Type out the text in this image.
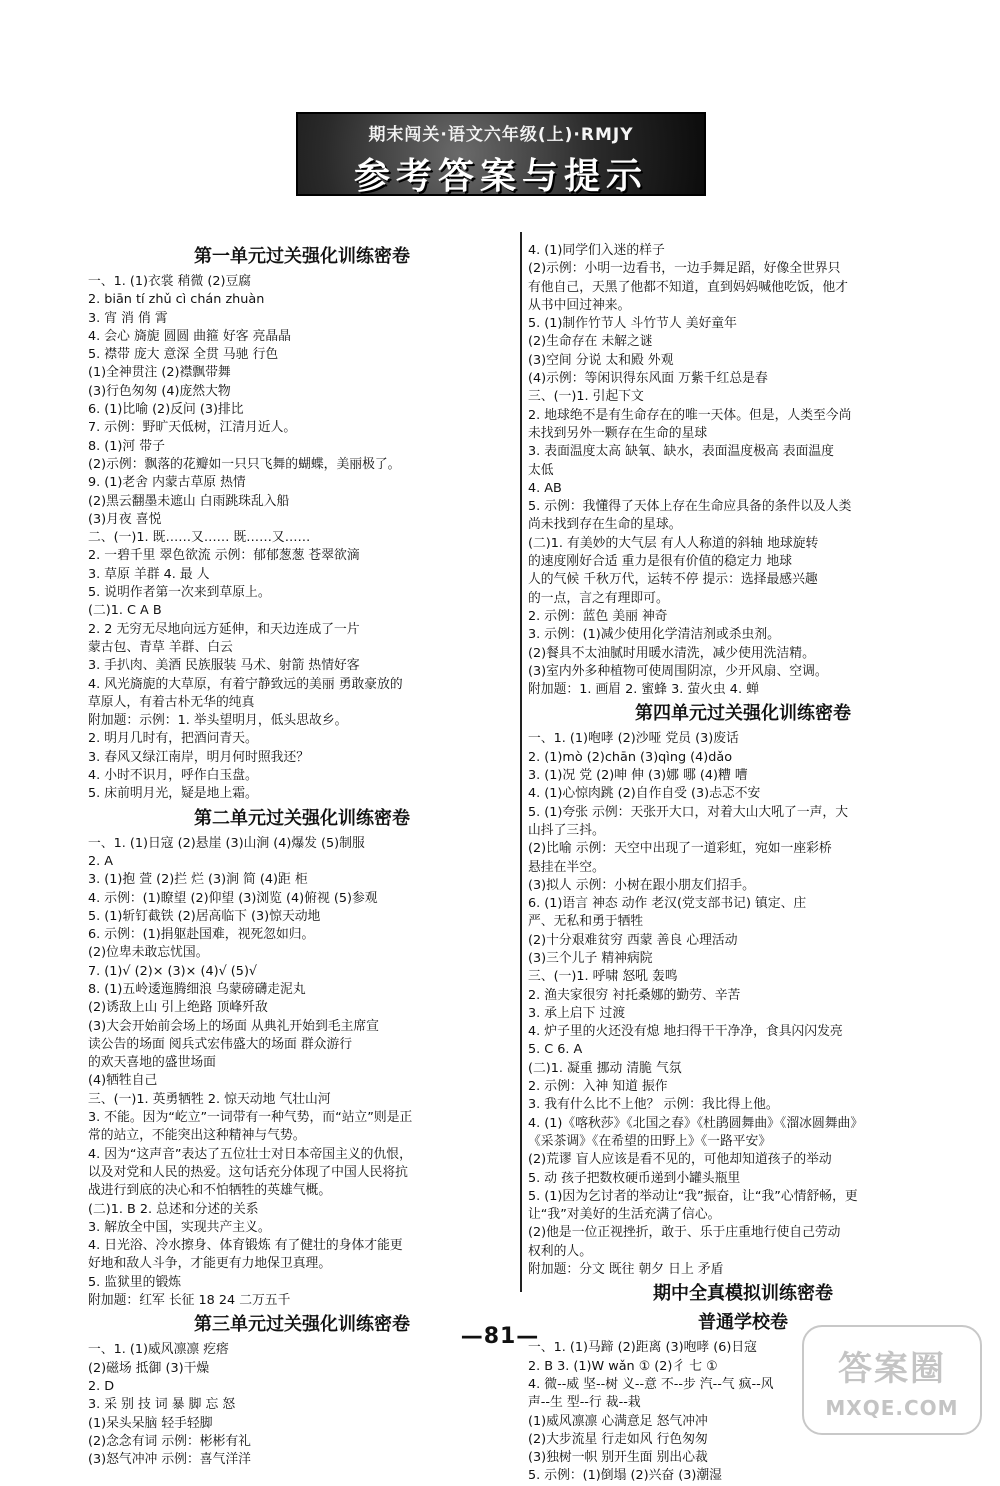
期末闯关·语文六年级(上)·RMJY
参考答案与提示
第一单元过关强化训练密卷
一、1. (1)衣裳 稍微 (2)豆腐
2. biān tí zhǔ cì chán zhuàn
3. 宵 消 俏 霄
4. 会心 旖旎 圆圆 曲箍 好客 亮晶晶
5. 襟带 庞大 意深 全贯 马驰 行色
(1)全神贯注 (2)襟飘带舞
(3)行色匆匆 (4)庞然大物
6. (1)比喻 (2)反问 (3)排比
7. 示例：野旷天低树，江清月近人。
8. (1)河 带子
(2)示例：飘落的花瓣如一只只飞舞的蝴蝶，美丽极了。
9. (1)老舍 内蒙古草原 热情
(2)黑云翻墨未遮山 白雨跳珠乱入船
(3)月夜 喜悦
二、(一)1. 既……又…… 既……又……
2. 一碧千里 翠色欲流 示例：郁郁葱葱 苍翠欲滴
3. 草原 羊群 4. 最 人
5. 说明作者第一次来到草原上。
(二)1. C A B
2. 2 无穷无尽地向远方延伸，和天边连成了一片
蒙古包、青草 羊群、白云
3. 手扒肉、美酒 民族服装 马术、射箭 热情好客
4. 风光旖旎的大草原，有着宁静致远的美丽 勇敢豪放的
草原人，有着古朴无华的纯真
附加题：示例：1. 举头望明月，低头思故乡。
2. 明月几时有，把酒问青天。
3. 春风又绿江南岸，明月何时照我还？
4. 小时不识月，呼作白玉盘。
5. 床前明月光，疑是地上霜。
第二单元过关强化训练密卷
一、1. (1)日寇 (2)悬崖 (3)山涧 (4)爆发 (5)制服
2. A
3. (1)抱 萱 (2)拦 烂 (3)涧 简 (4)距 柜
4. 示例：(1)瞭望 (2)仰望 (3)浏览 (4)俯视 (5)参观
5. (1)斩钉截铁 (2)居高临下 (3)惊天动地
6. 示例：(1)捐躯赴国难，视死忽如归。
(2)位卑未敢忘忧国。
7. (1)√ (2)× (3)× (4)√ (5)√
8. (1)五岭逶迤腾细浪 乌蒙磅礴走泥丸
(2)诱敌上山 引上绝路 顶峰歼敌
(3)大会开始前会场上的场面 从典礼开始到毛主席宣
读公告的场面 阅兵式宏伟盛大的场面 群众游行
的欢天喜地的盛世场面
(4)牺牲自己
三、(一)1. 英勇牺牲 2. 惊天动地 气壮山河
3. 不能。因为“屹立”一词带有一种气势，而“站立”则是正
常的站立，不能突出这种精神与气势。
4. 因为“这声音”表达了五位壮士对日本帝国主义的仇恨，
以及对党和人民的热爱。这句话充分体现了中国人民将抗
战进行到底的决心和不怕牺牲的英雄气概。
(二)1. B 2. 总述和分述的关系
3. 解放全中国，实现共产主义。
4. 日光浴、冷水擦身、体育锻炼 有了健壮的身体才能更
好地和敌人斗争，才能更有力地保卫真理。
5. 监狱里的锻炼
附加题：红军 长征 18 24 二万五千
第三单元过关强化训练密卷
一、1. (1)威风凛凛 疙瘩
(2)磁场 抵御 (3)干燥
2. D
3. 采 别 技 词 暴 脚 忘 怒
(1)呆头呆脑 轻手轻脚
(2)念念有词 示例：彬彬有礼
(3)怒气冲冲 示例：喜气洋洋
4. (1)同学们入迷的样子
(2)示例：小明一边看书，一边手舞足蹈，好像全世界只
有他自己，天黑了他都不知道，直到妈妈喊他吃饭，他才
从书中回过神来。
5. (1)制作竹节人 斗竹节人 美好童年
(2)生命存在 未解之谜
(3)空间 分说 太和殿 外观
(4)示例：等闲识得东风面 万紫千红总是春
三、(一)1. 引起下文
2. 地球绝不是有生命存在的唯一天体。但是，人类至今尚
未找到另外一颗存在生命的星球
3. 表面温度太高 缺氧、缺水，表面温度极高 表面温度
太低
4. AB
5. 示例：我懂得了天体上存在生命应具备的条件以及人类
尚未找到存在生命的星球。
(二)1. 有美妙的大气层 有人人称道的斜轴 地球旋转
的速度刚好合适 重力是很有价值的稳定力 地球
人的气候 千秋万代，运转不停 提示：选择最感兴趣
的一点，言之有理即可。
2. 示例：蓝色 美丽 神奇
3. 示例：(1)减少使用化学清洁剂或杀虫剂。
(2)餐具不太油腻时用暖水清洗，减少使用洗洁精。
(3)室内外多种植物可使周围阴凉，少开风扇、空调。
附加题：1. 画眉 2. 蜜蜂 3. 萤火虫 4. 蝉
第四单元过关强化训练密卷
一、1. (1)咆哮 (2)沙哑 党员 (3)废话
2. (1)mò (2)chān (3)qìng (4)dǎo
3. (1)况 党 (2)呻 伸 (3)娜 哪 (4)糟 嘈
4. (1)心惊肉跳 (2)自作自受 (3)忐忑不安
5. (1)夸张 示例：天张开大口，对着大山大吼了一声，大
山抖了三抖。
(2)比喻 示例：天空中出现了一道彩虹，宛如一座彩桥
悬挂在半空。
(3)拟人 示例：小树在跟小朋友们招手。
6. (1)语言 神态 动作 老汉(党支部书记) 镇定、庄
严、无私和勇于牺牲
(2)十分艰难贫穷 西蒙 善良 心理活动
(3)三个儿子 精神病院
三、(一)1. 呼啸 怒吼 轰鸣
2. 渔夫家很穷 衬托桑娜的勤劳、辛苦
3. 承上启下 过渡
4. 炉子里的火还没有熄 地扫得干干净净，食具闪闪发亮
5. C 6. A
(二)1. 凝重 挪动 清脆 气氛
2. 示例：入神 知道 振作
3. 我有什么比不上他？ 示例：我比得上他。
4. (1)《喀秋莎》《北国之春》《杜鹃圆舞曲》《溜冰圆舞曲》
《采茶调》《在希望的田野上》《一路平安》
(2)荒谬 盲人应该是看不见的，可他却知道孩子的举动
5. 动 孩子把数枚硬币递到小罐头瓶里
5. (1)因为乞讨者的举动让“我”振奋，让“我”心情舒畅，更
让“我”对美好的生活充满了信心。
(2)他是一位正视挫折，敢于、乐于庄重地行使自己劳动
权利的人。
附加题：分文 既往 朝夕 日上 矛盾
期中全真模拟训练密卷
普通学校卷
一、1. (1)马蹄 (2)距离 (3)咆哮 (6)日寇
2. B 3. (1)W wǎn ① (2)彳 七 ①
4. 微--威 坚--树 义--意 不--步 汽--气 疯--风
声--生 型--行 裁--栽
(1)威风凛凛 心满意足 怒气冲冲
(2)大步流星 行走如风 行色匆匆
(3)独树一帜 别开生面 别出心裁
5. 示例：(1)倒塌 (2)兴奋 (3)潮湿
—81—
答案圈
MXQE.COM
